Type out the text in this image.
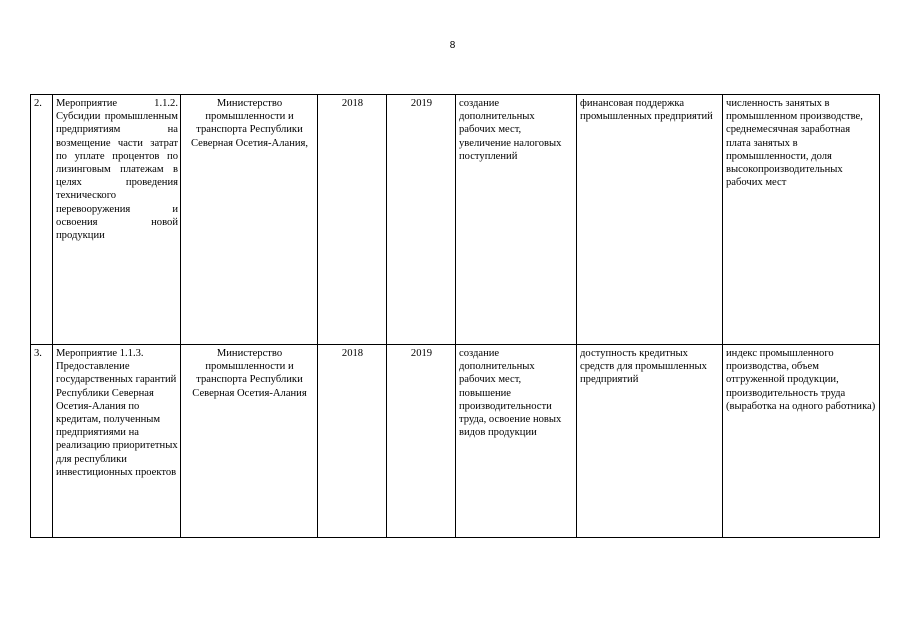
8
2.	Мероприятие 1.1.2. Субсидии промышленным предприятиям на возмещение части затрат по уплате процентов по лизинговым платежам в целях проведения технического перевооружения и освоения новой продукции	Министерство промышленности и транспорта Республики Северная Осетия-Алания,	2018	2019	создание дополнительных рабочих мест, увеличение налоговых поступлений	финансовая поддержка промышленных предприятий	численность занятых в промышленном производстве, среднемесячная заработная плата занятых в промышленности, доля высокопроизводительных рабочих мест
3.	Мероприятие 1.1.3. Предоставление государственных гарантий Республики Северная Осетия-Алания по кредитам, полученным предприятиями на реализацию приоритетных для республики инвестиционных проектов	Министерство промышленности и транспорта Республики Северная Осетия-Алания	2018	2019	создание дополнительных рабочих мест, повышение производительности труда, освоение новых видов продукции	доступность кредитных средств для промышленных предприятий	индекс промышленного производства, объем отгруженной продукции, производительность труда (выработка на одного работника)
